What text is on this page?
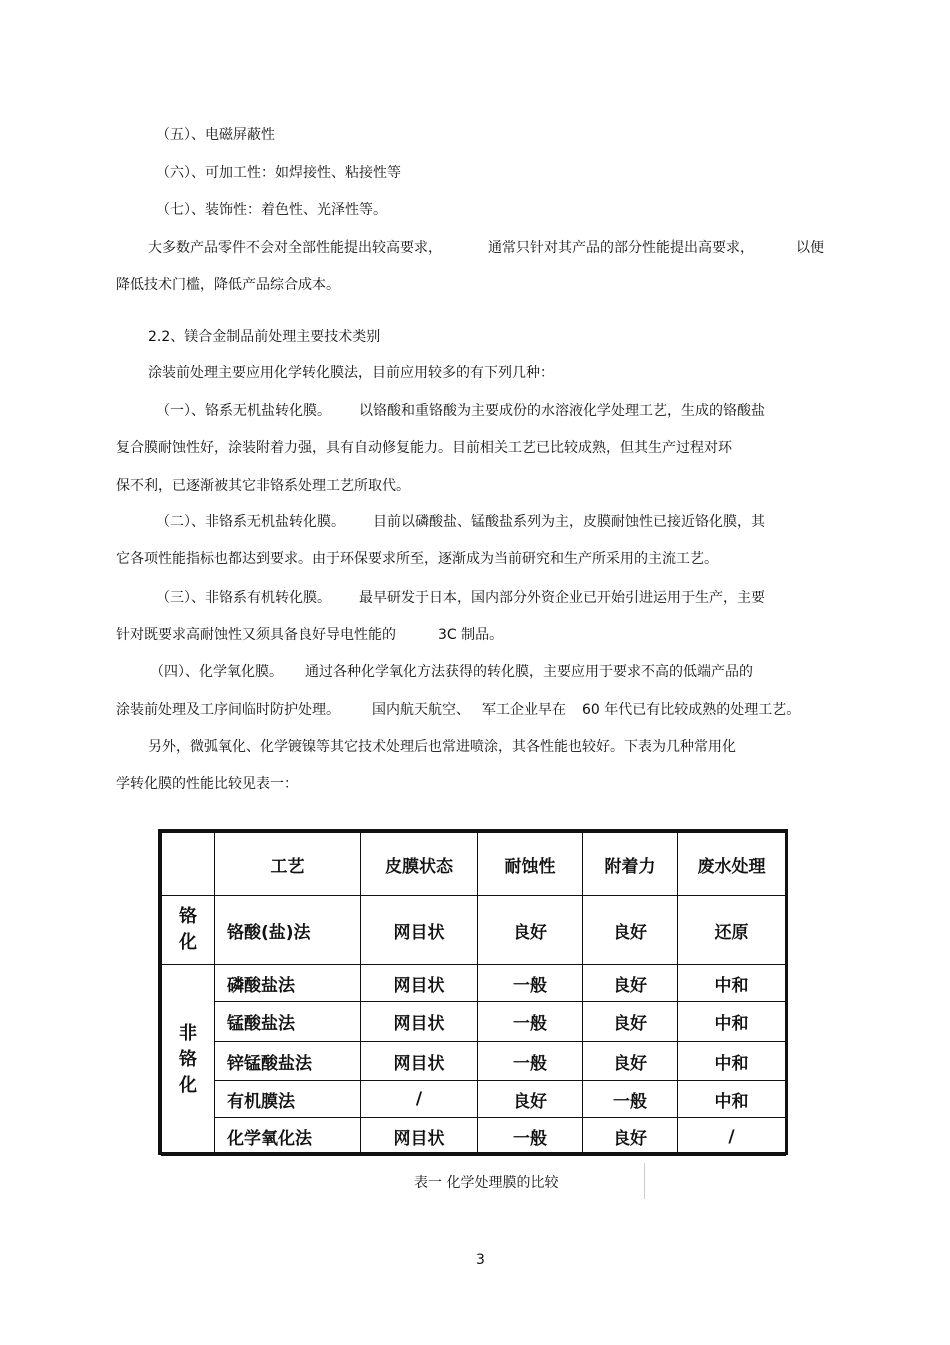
（五）、电磁屏蔽性
（六）、可加工性：如焊接性、粘接性等
（七）、装饰性：着色性、光泽性等。
大多数产品零件不会对全部性能提出较高要求，	通常只针对其产品的部分性能提出高要求，	以便
降低技术门槛，降低产品综合成本。
2.2、镁合金制品前处理主要技术类别
涂装前处理主要应用化学转化膜法，目前应用较多的有下列几种：
（一）、铬系无机盐转化膜。 以铬酸和重铬酸为主要成份的水溶液化学处理工艺，生成的铬酸盐
复合膜耐蚀性好，涂装附着力强，具有自动修复能力。目前相关工艺已比较成熟，但其生产过程对环
保不利，已逐渐被其它非铬系处理工艺所取代。
（二）、非铬系无机盐转化膜。 目前以磷酸盐、锰酸盐系列为主，皮膜耐蚀性已接近铬化膜，其
它各项性能指标也都达到要求。由于环保要求所至，逐渐成为当前研究和生产所采用的主流工艺。
（三）、非铬系有机转化膜。 最早研发于日本，国内部分外资企业已开始引进运用于生产，主要
针对既要求高耐蚀性又须具备良好导电性能的	3C 制品。
（四）、化学氧化膜。 通过各种化学氧化方法获得的转化膜，主要应用于要求不高的低端产品的
涂装前处理及工序间临时防护处理。 国内航天航空、 军工企业早在 60 年代已有比较成熟的处理工艺。
另外，微弧氧化、化学镀镍等其它技术处理后也常进喷涂，其各性能也较好。下表为几种常用化
学转化膜的性能比较见表一：
	工艺	皮膜状态	耐蚀性	附着力	废水处理
铬化	铬酸(盐)法	网目状	良好	良好	还原
非铬化	磷酸盐法	网目状	一般	良好	中和
	锰酸盐法	网目状	一般	良好	中和
	锌锰酸盐法	网目状	一般	良好	中和
	有机膜法	/	良好	一般	中和
	化学氧化法	网目状	一般	良好	/
表一 化学处理膜的比较
3
